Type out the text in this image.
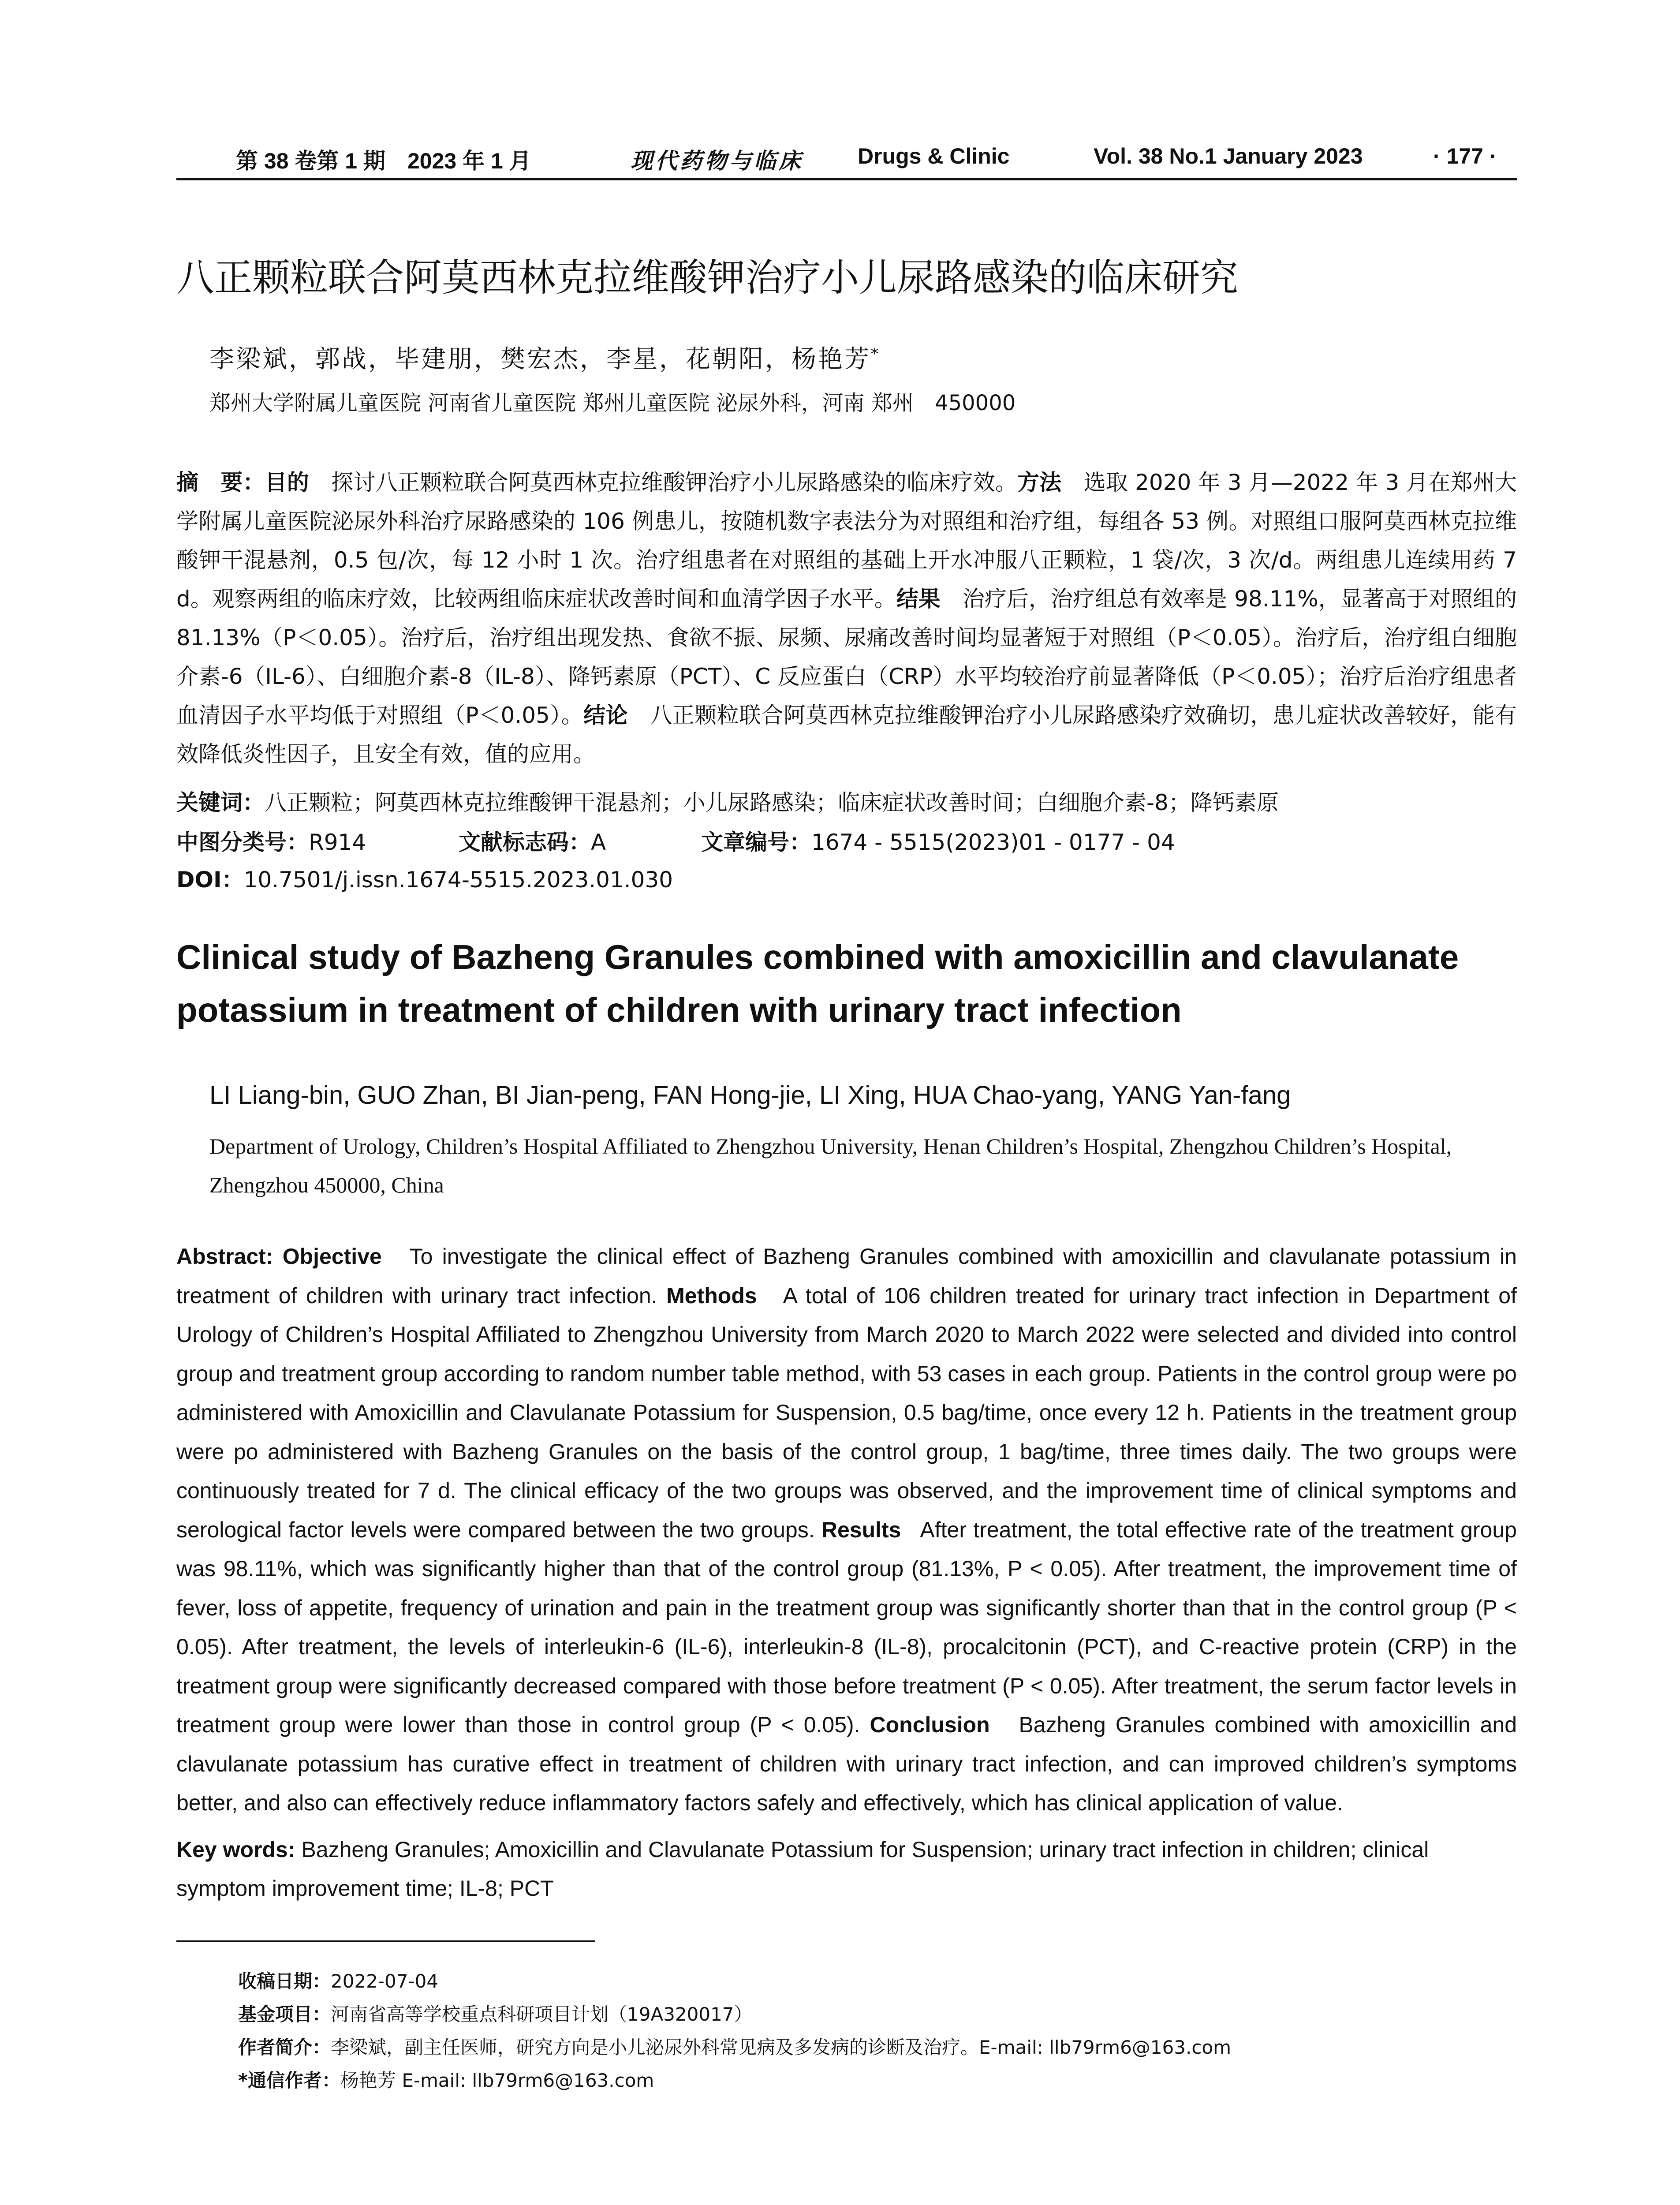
第 38 卷第 1 期　2023 年 1 月	现代药物与临床 Drugs & Clinic	Vol. 38 No.1 January 2023	· 177 ·
八正颗粒联合阿莫西林克拉维酸钾治疗小儿尿路感染的临床研究
李梁斌，郭战，毕建朋，樊宏杰，李星，花朝阳，杨艳芳*
郑州大学附属儿童医院 河南省儿童医院 郑州儿童医院 泌尿外科，河南 郑州　450000
摘　要：目的　 探讨八正颗粒联合阿莫西林克拉维酸钾治疗小儿尿路感染的临床疗效。方法　 选取 2020 年 3 月—2022 年 3 月在郑州大学附属儿童医院泌尿外科治疗尿路感染的 106 例患儿，按随机数字表法分为对照组和治疗组，每组各 53 例。对照组口服阿莫西林克拉维酸钾干混悬剂，0.5 包/次，每 12 小时 1 次。治疗组患者在对照组的基础上开水冲服八正颗粒，1 袋/次，3 次/d。两组患儿连续用药 7 d。观察两组的临床疗效，比较两组临床症状改善时间和血清学因子水平。结果　 治疗后，治疗组总有效率是 98.11%，显著高于对照组的 81.13%（P＜0.05）。治疗后，治疗组出现发热、食欲不振、尿频、尿痛改善时间均显著短于对照组（P＜0.05）。治疗后，治疗组白细胞介素-6（IL-6）、白细胞介素-8（IL-8）、降钙素原（PCT）、C 反应蛋白（CRP）水平均较治疗前显著降低（P＜0.05）；治疗后治疗组患者血清因子水平均低于对照组（P＜0.05）。结论　 八正颗粒联合阿莫西林克拉维酸钾治疗小儿尿路感染疗效确切，患儿症状改善较好，能有效降低炎性因子，且安全有效，值的应用。
关键词：八正颗粒；阿莫西林克拉维酸钾干混悬剂；小儿尿路感染；临床症状改善时间；白细胞介素-8；降钙素原
中图分类号：R914	文献标志码：A	文章编号：1674 - 5515(2023)01 - 0177 - 04
DOI：10.7501/j.issn.1674-5515.2023.01.030
Clinical study of Bazheng Granules combined with amoxicillin and clavulanate potassium in treatment of children with urinary tract infection
LI Liang-bin, GUO Zhan, BI Jian-peng, FAN Hong-jie, LI Xing, HUA Chao-yang, YANG Yan-fang
Department of Urology, Children’s Hospital Affiliated to Zhengzhou University, Henan Children’s Hospital, Zhengzhou Children’s Hospital, Zhengzhou 450000, China
Abstract: Objective To investigate the clinical effect of Bazheng Granules combined with amoxicillin and clavulanate potassium in treatment of children with urinary tract infection. Methods A total of 106 children treated for urinary tract infection in Department of Urology of Children’s Hospital Affiliated to Zhengzhou University from March 2020 to March 2022 were selected and divided into control group and treatment group according to random number table method, with 53 cases in each group. Patients in the control group were po administered with Amoxicillin and Clavulanate Potassium for Suspension, 0.5 bag/time, once every 12 h. Patients in the treatment group were po administered with Bazheng Granules on the basis of the control group, 1 bag/time, three times daily. The two groups were continuously treated for 7 d. The clinical efficacy of the two groups was observed, and the improvement time of clinical symptoms and serological factor levels were compared between the two groups. Results After treatment, the total effective rate of the treatment group was 98.11%, which was significantly higher than that of the control group (81.13%, P < 0.05). After treatment, the improvement time of fever, loss of appetite, frequency of urination and pain in the treatment group was significantly shorter than that in the control group (P < 0.05). After treatment, the levels of interleukin-6 (IL-6), interleukin-8 (IL-8), procalcitonin (PCT), and C-reactive protein (CRP) in the treatment group were significantly decreased compared with those before treatment (P < 0.05). After treatment, the serum factor levels in treatment group were lower than those in control group (P < 0.05). Conclusion Bazheng Granules combined with amoxicillin and clavulanate potassium has curative effect in treatment of children with urinary tract infection, and can improved children’s symptoms better, and also can effectively reduce inflammatory factors safely and effectively, which has clinical application of value.
Key words: Bazheng Granules; Amoxicillin and Clavulanate Potassium for Suspension; urinary tract infection in children; clinical symptom improvement time; IL-8; PCT
收稿日期：2022-07-04
基金项目：河南省高等学校重点科研项目计划（19A320017）
作者简介：李梁斌，副主任医师，研究方向是小儿泌尿外科常见病及多发病的诊断及治疗。E-mail: llb79rm6@163.com
*通信作者：杨艳芳 E-mail: llb79rm6@163.com
